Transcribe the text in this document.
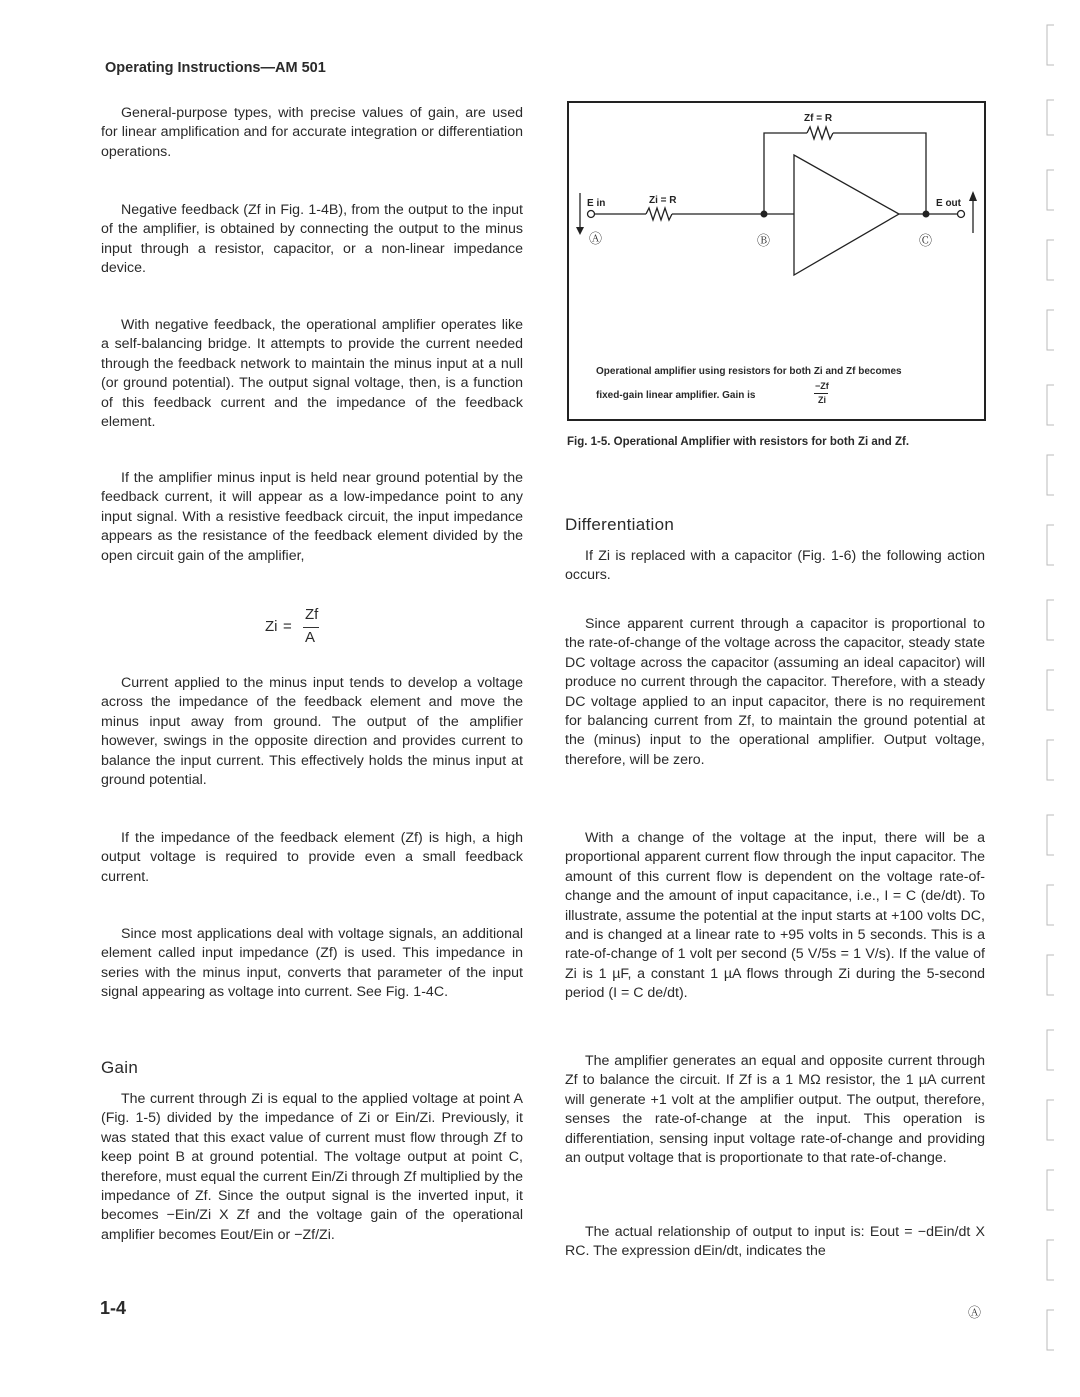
Operating Instructions—AM 501

General-purpose types, with precise values of gain, are used for linear amplification and for accurate integration or differentiation operations.

Negative feedback (Zf in Fig. 1-4B), from the output to the input of the amplifier, is obtained by connecting the output to the minus input through a resistor, capacitor, or a non-linear impedance device.

With negative feedback, the operational amplifier operates like a self-balancing bridge. It attempts to provide the current needed through the feedback network to maintain the minus input at a null (or ground potential). The output signal voltage, then, is a function of this feedback current and the impedance of the feedback element.

If the amplifier minus input is held near ground potential by the feedback current, it will appear as a low-impedance point to any input signal. With a resistive feedback circuit, the input impedance appears as the resistance of the feedback element divided by the open circuit gain of the amplifier,

Zi =
Zf
A

Current applied to the minus input tends to develop a voltage across the impedance of the feedback element and move the minus input away from ground. The output of the amplifier however, swings in the opposite direction and provides current to balance the input current. This effectively holds the minus input at ground potential.

If the impedance of the feedback element (Zf) is high, a high output voltage is required to provide even a small feedback current.

Since most applications deal with voltage signals, an additional element called input impedance (Zf) is used. This impedance in series with the minus input, converts that parameter of the input signal appearing as voltage into current. See Fig. 1-4C.

Gain

The current through Zi is equal to the applied voltage at point A (Fig. 1-5) divided by the impedance of Zi or Ein/Zi. Previously, it was stated that this exact value of current must flow through Zf to keep point B at ground potential. The voltage output at point C, therefore, must equal the current Ein/Zi through Zf multiplied by the impedance of Zf. Since the output signal is the inverted input, it becomes −Ein/Zi X Zf and the voltage gain of the operational amplifier becomes Eout/Ein or −Zf/Zi.

Zf = R
Zi = R
E in	E out
Ⓐ	Ⓑ	Ⓒ
Operational amplifier using resistors for both Zi and Zf becomes
fixed-gain linear amplifier. Gain is
−Zf
Zi
Fig. 1-5. Operational Amplifier with resistors for both Zi and Zf.
Differentiation

If Zi is replaced with a capacitor (Fig. 1-6) the following action occurs.

Since apparent current through a capacitor is proportional to the rate-of-change of the voltage across the capacitor, steady state DC voltage across the capacitor (assuming an ideal capacitor) will produce no current through the capacitor. Therefore, with a steady DC voltage applied to an input capacitor, there is no requirement for balancing current from Zf, to maintain the ground potential at the (minus) input to the operational amplifier. Output voltage, therefore, will be zero.

With a change of the voltage at the input, there will be a proportional apparent current flow through the input capacitor. The amount of this current flow is dependent on the voltage rate-of-change and the amount of input capacitance, i.e., I = C (de/dt). To illustrate, assume the potential at the input starts at +100 volts DC, and is changed at a linear rate to +95 volts in 5 seconds. This is a rate-of-change of 1 volt per second (5 V/5s = 1 V/s). If the value of Zi is 1 µF, a constant 1 µA flows through Zi during the 5-second period (I = C de/dt).

The amplifier generates an equal and opposite current through Zf to balance the circuit. If Zf is a 1 MΩ resistor, the 1 µA current will generate +1 volt at the amplifier output. The output, therefore, senses the rate-of-change at the input. This operation is differentiation, sensing input voltage rate-of-change and providing an output voltage that is proportionate to that rate-of-change.

The actual relationship of output to input is: Eout = −dEin/dt X RC. The expression dEin/dt, indicates the

1-4	Ⓐ
